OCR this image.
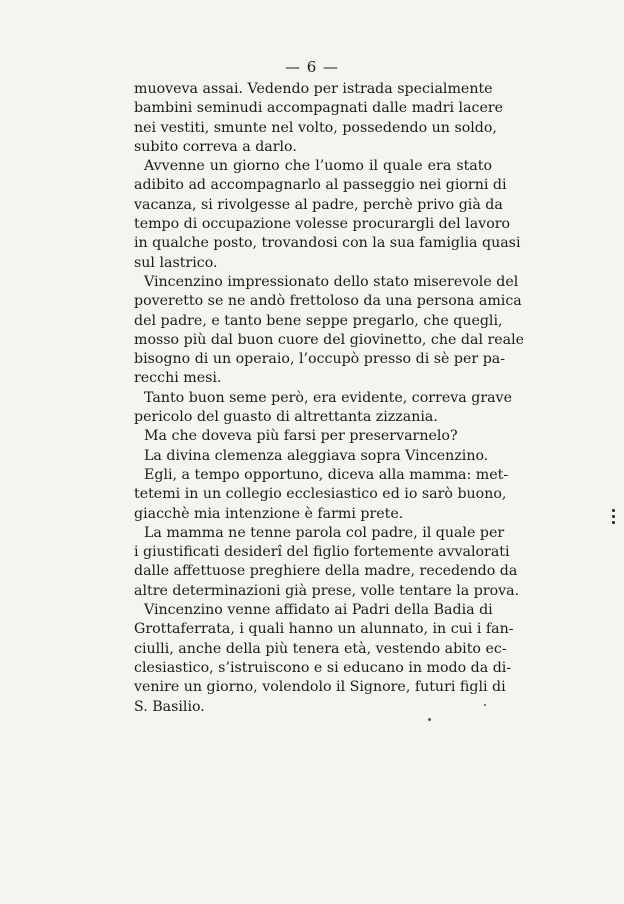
— 6 —
muoveva assai. Vedendo per istrada specialmente
bambini seminudi accompagnati dalle madri lacere
nei vestiti, smunte nel volto, possedendo un soldo,
subito correva a darlo.
Avvenne un giorno che l’uomo il quale era stato
adibito ad accompagnarlo al passeggio nei giorni di
vacanza, si rivolgesse al padre, perchè privo già da
tempo di occupazione volesse procurargli del lavoro
in qualche posto, trovandosi con la sua famiglia quasi
sul lastrico.
Vincenzino impressionato dello stato miserevole del
poveretto se ne andò frettoloso da una persona amica
del padre, e tanto bene seppe pregarlo, che quegli,
mosso più dal buon cuore del giovinetto, che dal reale
bisogno di un operaio, l’occupò presso di sè per pa-
recchi mesi.
Tanto buon seme però, era evidente, correva grave
pericolo del guasto di altrettanta zizzania.
Ma che doveva più farsi per preservarnelo?
La divina clemenza aleggiava sopra Vincenzino.
Egli, a tempo opportuno, diceva alla mamma: met-
tetemi in un collegio ecclesiastico ed io sarò buono,
giacchè mia intenzione è farmi prete.
La mamma ne tenne parola col padre, il quale per
i giustificati desiderî del figlio fortemente avvalorati
dalle affettuose preghiere della madre, recedendo da
altre determinazioni già prese, volle tentare la prova.
Vincenzino venne affidato ai Padri della Badia di
Grottaferrata, i quali hanno un alunnato, in cui i fan-
ciulli, anche della più tenera età, vestendo abito ec-
clesiastico, s’istruiscono e si educano in modo da di-
venire un giorno, volendolo il Signore, futuri figli di
S. Basilio.
